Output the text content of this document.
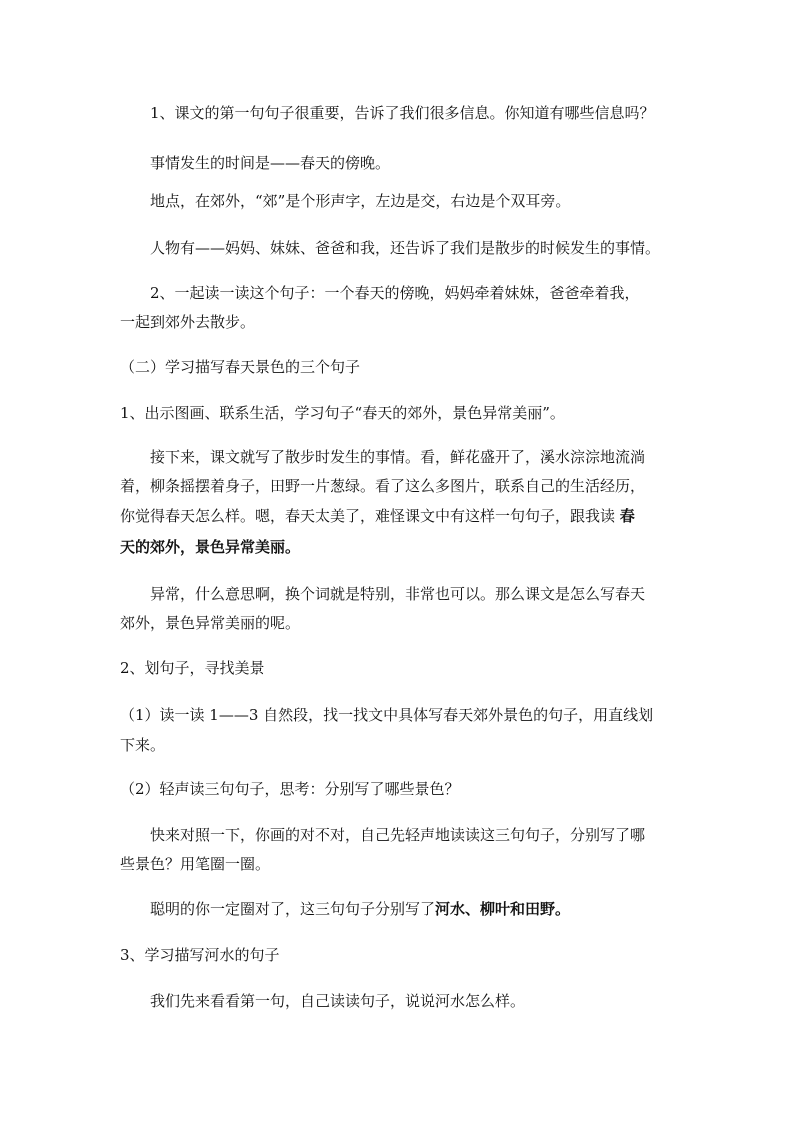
1、课文的第一句句子很重要，告诉了我们很多信息。你知道有哪些信息吗？
事情发生的时间是——春天的傍晚。
地点，在郊外，“郊”是个形声字，左边是交，右边是个双耳旁。
人物有——妈妈、妹妹、爸爸和我，还告诉了我们是散步的时候发生的事情。
2、一起读一读这个句子：一个春天的傍晚，妈妈牵着妹妹，爸爸牵着我，
一起到郊外去散步。
（二）学习描写春天景色的三个句子
1、出示图画、联系生活，学习句子“春天的郊外，景色异常美丽”。
接下来，课文就写了散步时发生的事情。看，鲜花盛开了，溪水淙淙地流淌
着，柳条摇摆着身子，田野一片葱绿。看了这么多图片，联系自己的生活经历，
你觉得春天怎么样。嗯，春天太美了，难怪课文中有这样一句句子，跟我读 春
天的郊外，景色异常美丽。
异常，什么意思啊，换个词就是特别，非常也可以。那么课文是怎么写春天
郊外，景色异常美丽的呢。
2、划句子，寻找美景
（1）读一读 1——3 自然段，找一找文中具体写春天郊外景色的句子，用直线划
下来。
（2）轻声读三句句子，思考：分别写了哪些景色？
快来对照一下，你画的对不对，自己先轻声地读读这三句句子，分别写了哪
些景色？用笔圈一圈。
聪明的你一定圈对了，这三句句子分别写了河水、柳叶和田野。
3、学习描写河水的句子
我们先来看看第一句，自己读读句子，说说河水怎么样。
